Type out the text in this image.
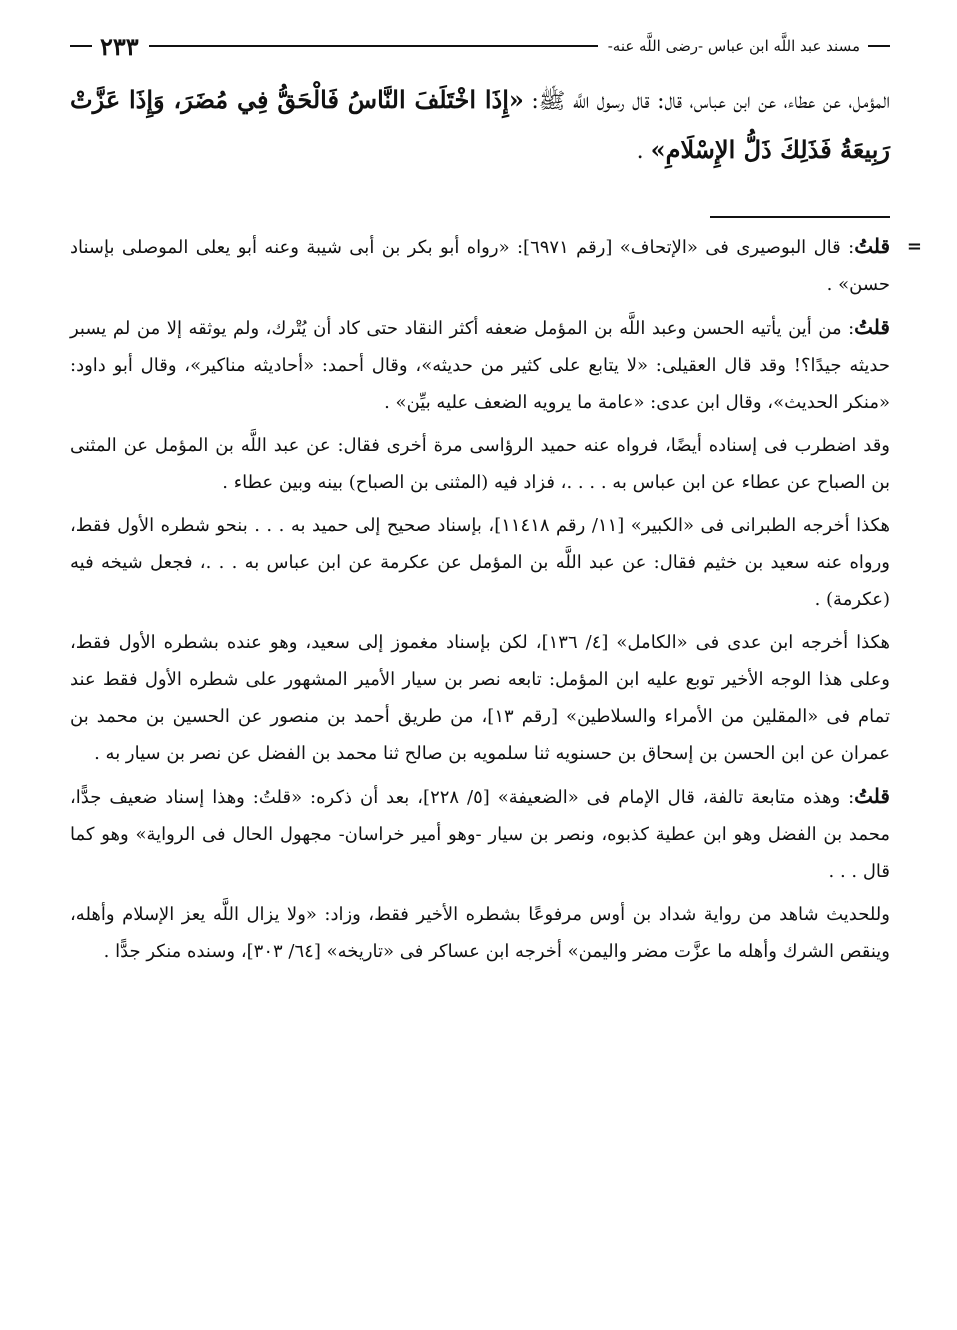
مسند عبد اللَّه ابن عباس -رضى اللَّه عنه-
٢٣٣
المؤمل، عن عطاء، عن ابن عباس، قال: قال رسول اللَّه ﷺ: «إِذَا اخْتَلَفَ النَّاسُ فَالْحَقُّ فِي مُضَرَ، وَإِذَا عَزَّتْ رَبِيعَةُ فَذَلِكَ ذَلُّ الإِسْلَامِ» .

=
قلتُ: قال البوصيرى فى «الإتحاف» [رقم ٦٩٧١]: «رواه أبو بكر بن أبى شيبة وعنه أبو يعلى الموصلى بإسناد حسن» .

قلتُ: من أين يأتيه الحسن وعبد اللَّه بن المؤمل ضعفه أكثر النقاد حتى كاد أن يُتْرك، ولم يوثقه إلا من لم يسبر حديثه جيدًا؟! وقد قال العقيلى: «لا يتابع على كثير من حديثه»، وقال أحمد: «أحاديثه مناكير»، وقال أبو داود: «منكر الحديث»، وقال ابن عدى: «عامة ما يرويه الضعف عليه بيِّن» .

وقد اضطرب فى إسناده أيضًا، فرواه عنه حميد الرؤاسى مرة أخرى فقال: عن عبد اللَّه بن المؤمل عن المثنى بن الصباح عن عطاء عن ابن عباس به . . . .، فزاد فيه (المثنى بن الصباح) بينه وبين عطاء .

هكذا أخرجه الطبرانى فى «الكبير» [١١/ رقم ١١٤١٨]، بإسناد صحيح إلى حميد به . . . بنحو شطره الأول فقط، ورواه عنه سعيد بن خثيم فقال: عن عبد اللَّه بن المؤمل عن عكرمة عن ابن عباس به . . .، فجعل شيخه فيه (عكرمة) .

هكذا أخرجه ابن عدى فى «الكامل» [٤/ ١٣٦]، لكن بإسناد مغموز إلى سعيد، وهو عنده بشطره الأول فقط، وعلى هذا الوجه الأخير توبع عليه ابن المؤمل: تابعه نصر بن سيار الأمير المشهور على شطره الأول فقط عند تمام فى «المقلين من الأمراء والسلاطين» [رقم ١٣]، من طريق أحمد بن منصور عن الحسين بن محمد بن عمران عن ابن الحسن بن إسحاق بن حسنويه ثنا سلمويه بن صالح ثنا محمد بن الفضل عن نصر بن سيار به .

قلتُ: وهذه متابعة تالفة، قال الإمام فى «الضعيفة» [٥/ ٢٢٨]، بعد أن ذكره: «قلتُ: وهذا إسناد ضعيف جدًّا، محمد بن الفضل وهو ابن عطية كذبوه، ونصر بن سيار -وهو أمير خراسان- مجهول الحال فى الرواية» وهو كما قال . . .

وللحديث شاهد من رواية شداد بن أوس مرفوعًا بشطره الأخير فقط، وزاد: «ولا يزال اللَّه يعز الإسلام وأهله، وينقص الشرك وأهله ما عزَّت مضر واليمن» أخرجه ابن عساكر فى «تاريخه» [٦٤/ ٣٠٣]، وسنده منكر جدًّا .
